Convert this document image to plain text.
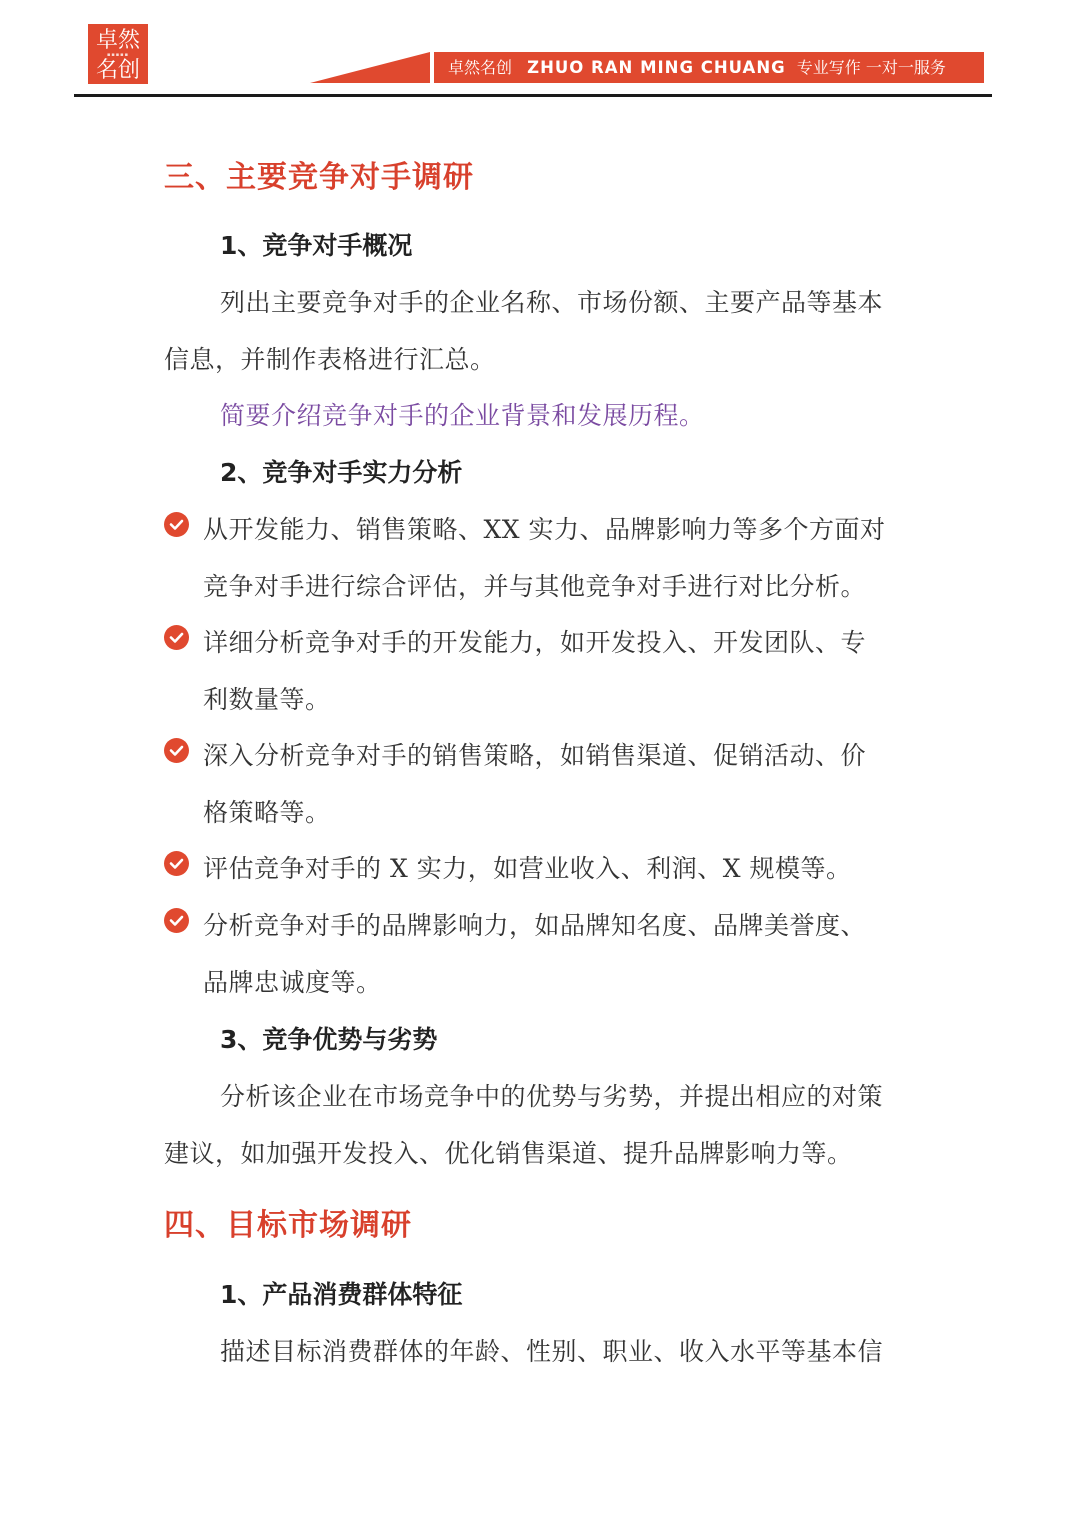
卓然
▪▪▪▪▪
名创	卓然名创 ZHUO RAN MING CHUANG 专业写作 一对一服务
三、主要竞争对手调研
1、竞争对手概况
列出主要竞争对手的企业名称、市场份额、主要产品等基本
信息，并制作表格进行汇总。
简要介绍竞争对手的企业背景和发展历程。
2、竞争对手实力分析
从开发能力、销售策略、XX 实力、品牌影响力等多个方面对
竞争对手进行综合评估，并与其他竞争对手进行对比分析。
详细分析竞争对手的开发能力，如开发投入、开发团队、专
利数量等。
深入分析竞争对手的销售策略，如销售渠道、促销活动、价
格策略等。
评估竞争对手的 X 实力，如营业收入、利润、X 规模等。
分析竞争对手的品牌影响力，如品牌知名度、品牌美誉度、
品牌忠诚度等。
3、竞争优势与劣势
分析该企业在市场竞争中的优势与劣势，并提出相应的对策
建议，如加强开发投入、优化销售渠道、提升品牌影响力等。
四、目标市场调研
1、产品消费群体特征
描述目标消费群体的年龄、性别、职业、收入水平等基本信
